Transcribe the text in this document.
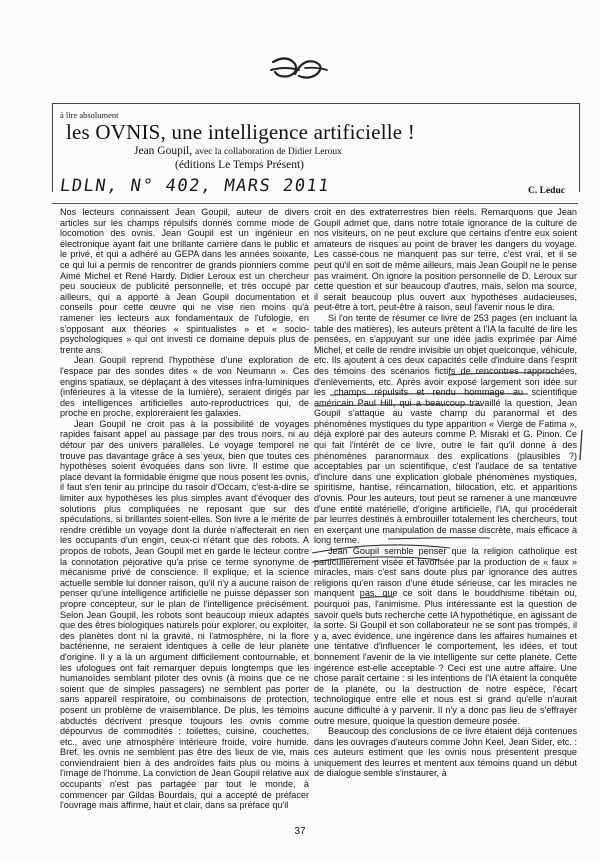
à lire absolument
les OVNIS, une intelligence artificielle !
Jean Goupil, avec la collaboration de Didier Leroux
(éditions Le Temps Présent)
LDLN, N° 402, MARS 2011	C. Leduc

Nos lecteurs connaissent Jean Goupil, auteur de divers articles sur les champs répulsifs donnés comme mode de locomotion des ovnis. Jean Goupil est un ingénieur en électronique ayant fait une brillante carrière dans le public et le privé, et qui a adhéré au GEPA dans les années soixante, ce qui lui a permis de rencontrer de grands pionniers comme Aimé Michel et René Hardy. Didier Leroux est un chercheur peu soucieux de publicité personnelle, et très occupé par ailleurs, qui a apporté à Jean Goupil documentation et conseils pour cette œuvre qui ne vise rien moins qu'à ramener les lecteurs aux fondamentaux de l'ufologie, en s'opposant aux théories « spiritualistes » et « socio-psychologiques » qui ont investi ce domaine depuis plus de trente ans.

Jean Goupil reprend l'hypothèse d'une exploration de l'espace par des sondes dites « de von Neumann ». Ces engins spatiaux, se déplaçant à des vitesses infra-luminiques (inférieures à la vitesse de la lumière), seraient dirigés par des intelligences artificielles auto-reproductrices qui, de proche en proche, exploreraient les galaxies.

Jean Goupil ne croit pas à la possibilité de voyages rapides faisant appel au passage par des trous noirs, ni au détour par des univers parallèles. Le voyage temporel ne trouve pas davantage grâce à ses yeux, bien que toutes ces hypothèses soient évoquées dans son livre. Il estime que placé devant la formidable énigme que nous posent les ovnis, il faut s'en tenir au principe du rasoir d'Occam, c'est-à-dire se limiter aux hypothèses les plus simples avant d'évoquer des solutions plus compliquées ne reposant que sur des spéculations, si brillantes soient-elles. Son livre a le mérite de rendre crédible un voyage dont la durée n'affecterait en rien les occupants d'un engin, ceux-ci n'étant que des robots. A propos de robots, Jean Goupil met en garde le lecteur contre la connotation péjorative qu'a prise ce terme synonyme de mécanisme privé de conscience. Il explique, et la science actuelle semble lui donner raison, qu'il n'y a aucune raison de penser qu'une intelligence artificielle ne puisse dépasser son propre concepteur, sur le plan de l'intelligence précisément. Selon Jean Goupil, les robots sont beaucoup mieux adaptés que des êtres biologiques naturels pour explorer, ou exploiter, des planètes dont ni la gravité, ni l'atmosphère, ni la flore bactérienne, ne seraient identiques à celle de leur planète d'origine. Il y a là un argument difficilement contournable, et les ufologues ont fait remarquer depuis longtemps que les humanoïdes semblant piloter des ovnis (à moins que ce ne soient que de simples passagers) ne semblent pas porter sans appareil respiratoire, ou combinaisons de protection, posent un problème de vraisemblance. De plus, les témoins abductés décrivent presque toujours les ovnis comme dépourvus de commodités : toilettes, cuisine, couchettes, etc., avec une atmosphère intérieure froide, voire humide. Bref, les ovnis ne semblent pas être des lieux de vie, mais conviendraient bien à des androïdes faits plus ou moins à l'image de l'homme. La conviction de Jean Goupil relative aux occupants n'est pas partagée par tout le monde, à commencer par Gildas Bourdais, qui a accepté de préfacer l'ouvrage mais affirme, haut et clair, dans sa préface qu'il

croit en des extraterrestres bien réels. Remarquons que Jean Goupil admet que, dans notre totale ignorance de la culture de nos visiteurs, on ne peut exclure que certains d'entre eux soient amateurs de risques au point de braver les dangers du voyage. Les casse-cous ne manquent pas sur terre, c'est vrai, et il se peut qu'il en soit de même ailleurs, mais Jean Goupil ne le pense pas vraiment. On ignore la position personnelle de D. Leroux sur cette question et sur beaucoup d'autres, mais, selon ma source, il serait beaucoup plus ouvert aux hypothèses audacieuses, peut-être à tort, peut-être à raison, seul l'avenir nous le dira.

Si l'on tente de résumer ce livre de 253 pages (en incluant la table des matières), les auteurs prêtent à l'IA la faculté de lire les pensées, en s'appuyant sur une idée jadis exprimée par Aimé Michel, et celle de rendre invisible un objet quelconque, véhicule, etc. Ils ajoutent à ces deux capacités celle d'induire dans l'esprit des témoins des scénarios fictifs de rencontres rapprochées, d'enlèvements, etc. Après avoir exposé largement son idée sur les champs répulsifs et rendu hommage au scientifique américain Paul Hill, qui a beaucoup travaillé la question, Jean Goupil s'attaque au vaste champ du paranormal et des phénomènes mystiques du type apparition « Vierge de Fatima », déjà exploré par des auteurs comme P. Misraki et G. Pinon. Ce qui fait l'intérêt de ce livre, outre le fait qu'il donne à des phénomènes paranormaux des explications (plausibles ?) acceptables par un scientifique, c'est l'audace de sa tentative d'inclure dans une explication globale phénomènes mystiques, spiritisme, hantise, réincarnation, bilocation, etc. et apparitions d'ovnis. Pour les auteurs, tout peut se ramener à une manœuvre d'une entité matérielle, d'origine artificielle, l'IA, qui procéderait par leurres destinés à embrouiller totalement les chercheurs, tout en exerçant une manipulation de masse discrète, mais efficace à long terme.

Jean Goupil semble penser que la religion catholique est particulièrement visée et favorisée par la production de « faux » miracles, mais c'est sans doute plus par ignorance des autres religions qu'en raison d'une étude sérieuse, car les miracles ne manquent pas, que ce soit dans le bouddhisme tibétain ou, pourquoi pas, l'animisme. Plus intéressante est la question de savoir quels buts recherche cette IA hypothétique, en agissant de la sorte. Si Goupil et son collaborateur ne se sont pas trompés, il y a, avec évidence, une ingérence dans les affaires humaines et une tentative d'influencer le comportement, les idées, et tout bonnement l'avenir de la vie intelligente sur cette planète. Cette ingérence est-elle acceptable ? Ceci est une autre affaire. Une chose paraît certaine : si les intentions de l'IA étaient la conquête de la planète, ou la destruction de notre espèce, l'écart technologique entre elle et nous est si grand qu'elle n'aurait aucune difficulté à y parvenir. Il n'y a donc pas lieu de s'effrayer outre mesure, quoique la question demeure posée.

Beaucoup des conclusions de ce livre étaient déjà contenues dans les ouvrages d'auteurs comme John Keel, Jean Sider, etc. : ces auteurs estiment que les ovnis nous présentent presque uniquement des leurres et mentent aux témoins quand un début de dialogue semble s'instaurer, à

37
